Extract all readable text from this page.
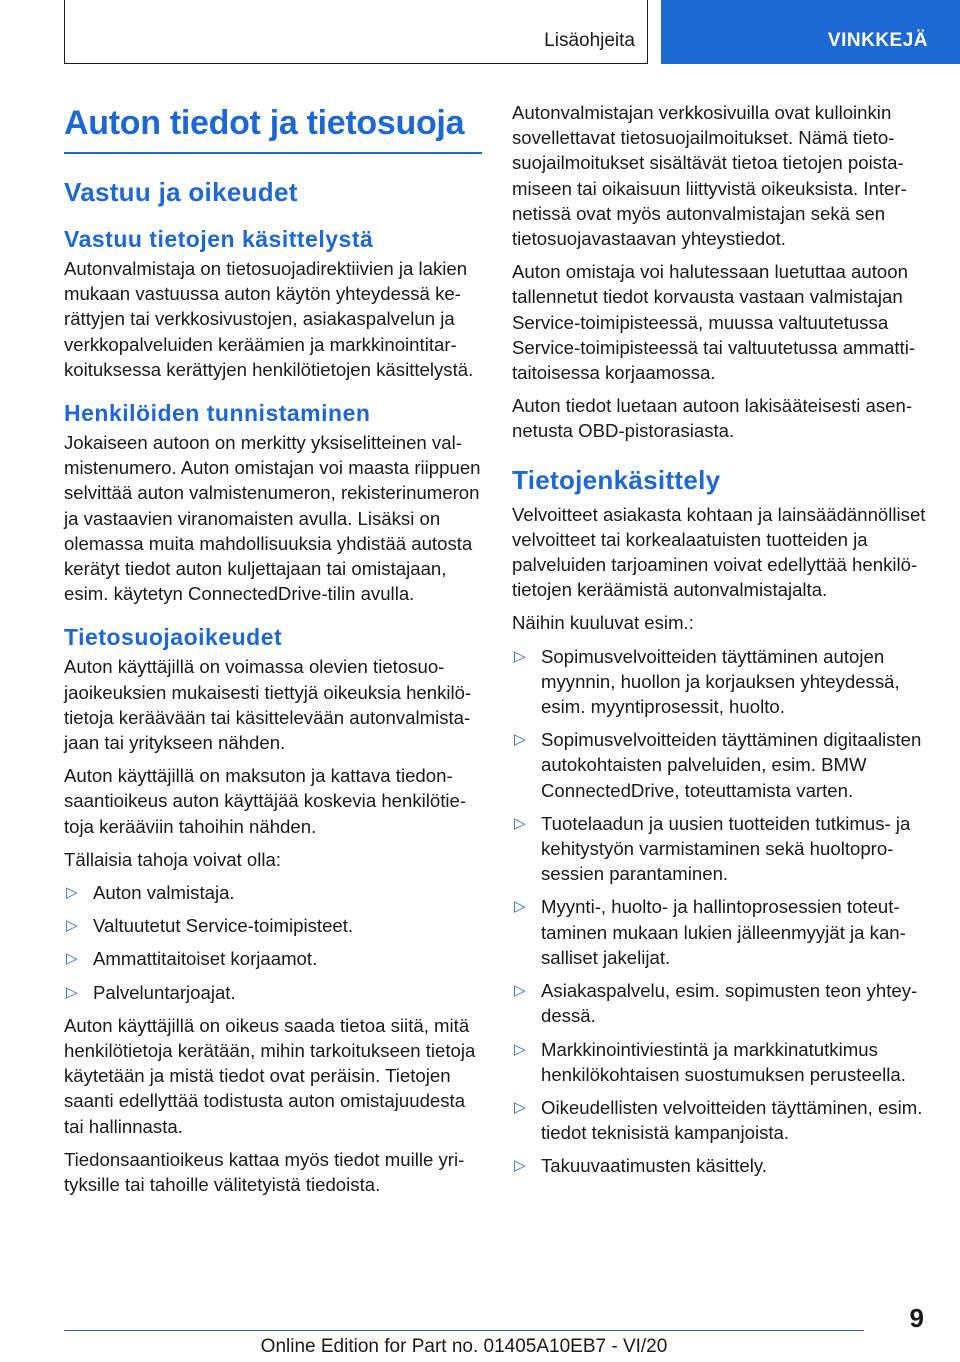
Lisäohjeita	VINKKEJÄ
Auton tiedot ja tietosuoja
Vastuu ja oikeudet
Vastuu tietojen käsittelystä

Autonvalmistaja on tietosuojadirektiivien ja lakien mukaan vastuussa auton käytön yhteydessä kerättyjen tai verkkosivustojen, asiakaspalvelun ja verkkopalveluiden keräämien ja markkinointitarkoituksessa kerättyjen henkilötietojen käsittelystä.

Henkilöiden tunnistaminen

Jokaiseen autoon on merkitty yksiselitteinen valmistenumero. Auton omistajan voi maasta riippuen selvittää auton valmistenumeron, rekisterinumeron ja vastaavien viranomaisten avulla. Lisäksi on olemassa muita mahdollisuuksia yhdistää autosta kerätyt tiedot auton kuljettajaan tai omistajaan, esim. käytetyn ConnectedDrive-tilin avulla.

Tietosuojaoikeudet

Auton käyttäjillä on voimassa olevien tietosuojaoikeuksien mukaisesti tiettyjä oikeuksia henkilötietoja keräävään tai käsittelevään autonvalmistajaan tai yritykseen nähden.

Auton käyttäjillä on maksuton ja kattava tiedonsaantioikeus auton käyttäjää koskevia henkilötietoja kerääviin tahoihin nähden.

Tällaisia tahoja voivat olla:

▷ Auton valmistaja.
▷ Valtuutetut Service-toimipisteet.
▷ Ammattitaitoiset korjaamot.
▷ Palveluntarjoajat.

Auton käyttäjillä on oikeus saada tietoa siitä, mitä henkilötietoja kerätään, mihin tarkoitukseen tietoja käytetään ja mistä tiedot ovat peräisin. Tietojen saanti edellyttää todistusta auton omistajuudesta tai hallinnasta.

Tiedonsaantioikeus kattaa myös tiedot muille yrityksille tai tahoille välitetyistä tiedoista.

Autonvalmistajan verkkosivuilla ovat kulloinkin sovellettavat tietosuojailmoitukset. Nämä tietosuojailmoitukset sisältävät tietoa tietojen poistamiseen tai oikaisuun liittyvistä oikeuksista. Internetissä ovat myös autonvalmistajan sekä sen tietosuojavastaavan yhteystiedot.

Auton omistaja voi halutessaan luetuttaa autoon tallennetut tiedot korvausta vastaan valmistajan Service-toimipisteessä, muussa valtuutetussa Service-toimipisteessä tai valtuutetussa ammattitaitoisessa korjaamossa.

Auton tiedot luetaan autoon lakisääteisesti asennetusta OBD-pistorasiasta.

Tietojenkäsittely

Velvoitteet asiakasta kohtaan ja lainsäädännölliset velvoitteet tai korkealaatuisten tuotteiden ja palveluiden tarjoaminen voivat edellyttää henkilötietojen keräämistä autonvalmistajalta.

Näihin kuuluvat esim.:

▷ Sopimusvelvoitteiden täyttäminen autojen myynnin, huollon ja korjauksen yhteydessä, esim. myyntiprosessit, huolto.
▷ Sopimusvelvoitteiden täyttäminen digitaalisten autokohtaisten palveluiden, esim. BMW ConnectedDrive, toteuttamista varten.
▷ Tuotelaadun ja uusien tuotteiden tutkimus- ja kehitystyön varmistaminen sekä huoltoprosessien parantaminen.
▷ Myynti-, huolto- ja hallintoprosessien toteuttaminen mukaan lukien jälleenmyyjät ja kansalliset jakelijat.
▷ Asiakaspalvelu, esim. sopimusten teon yhteydessä.
▷ Markkinointiviestintä ja markkinatutkimus henkilökohtaisen suostumuksen perusteella.
▷ Oikeudellisten velvoitteiden täyttäminen, esim. tiedot teknisistä kampanjoista.
▷ Takuuvaatimusten käsittely.
9
Online Edition for Part no. 01405A10EB7 - VI/20
